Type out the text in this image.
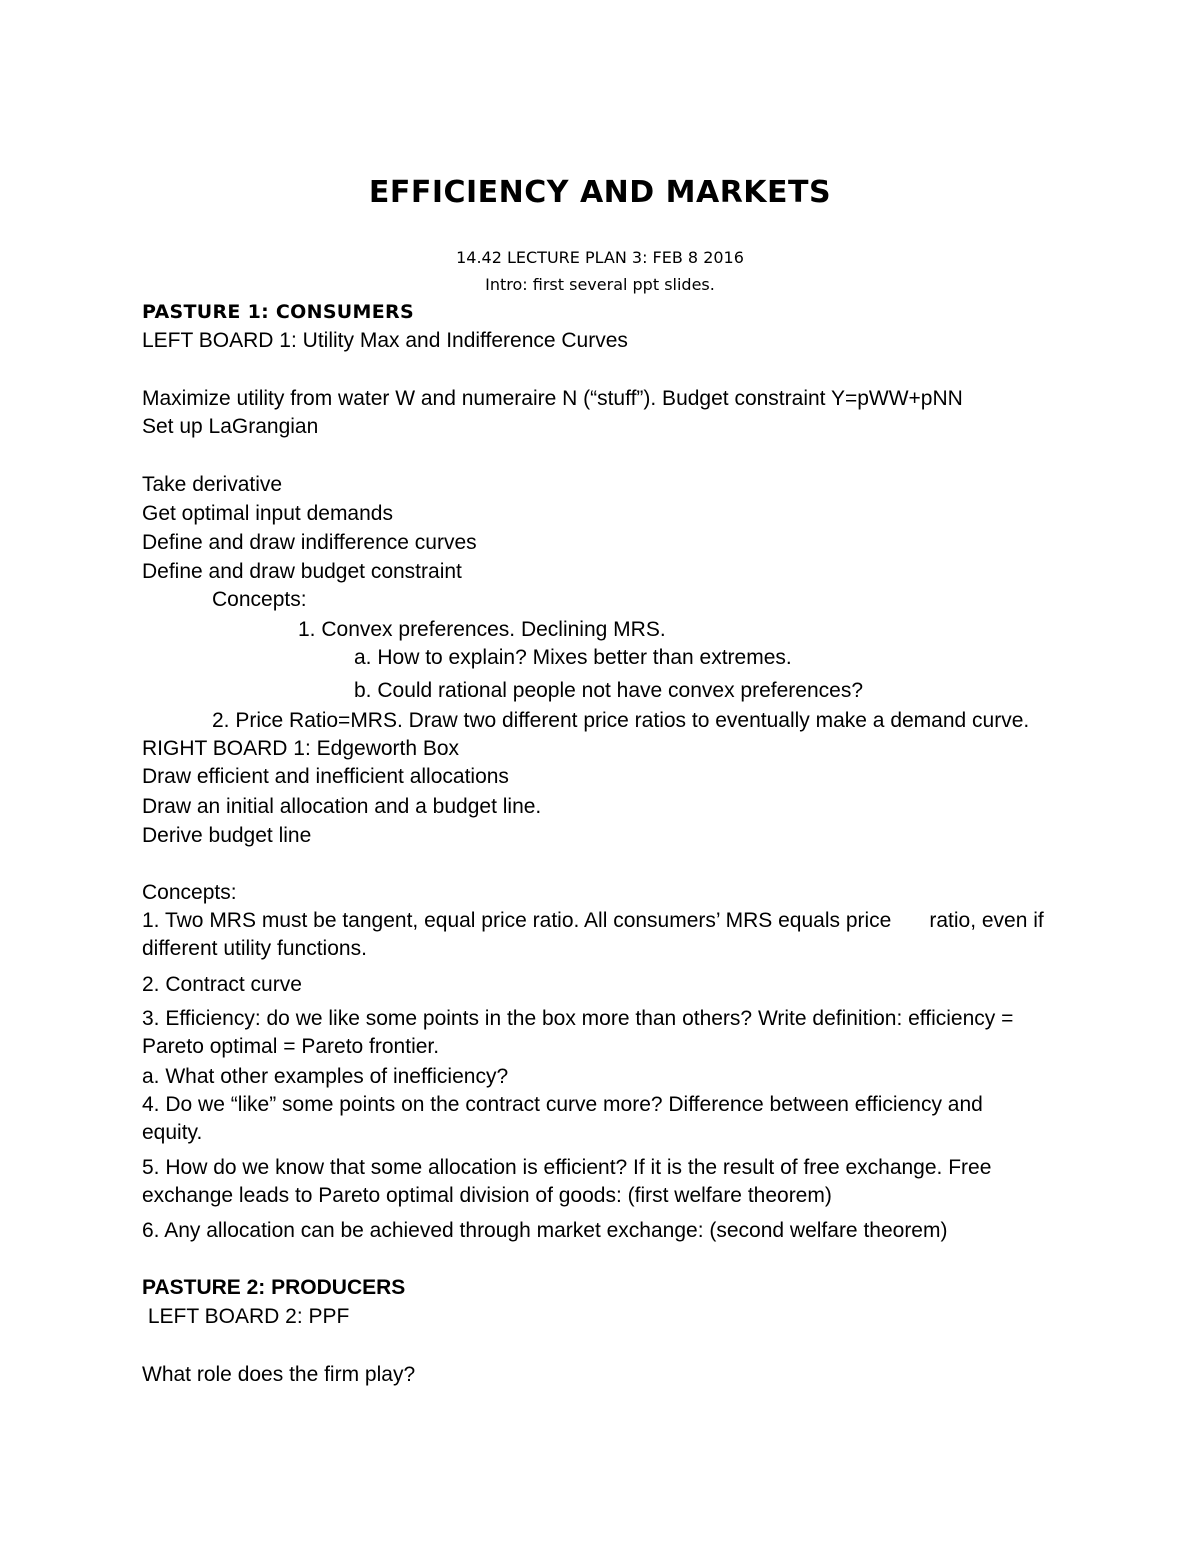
EFFICIENCY AND MARKETS
14.42 LECTURE PLAN 3: FEB 8 2016
Intro: first several ppt slides.
PASTURE 1: CONSUMERS
LEFT BOARD 1: Utility Max and Indifference Curves
Maximize utility from water W and numeraire N (“stuff”). Budget constraint Y=pWW+pNN
Set up LaGrangian
Take derivative
Get optimal input demands
Define and draw indifference curves
Define and draw budget constraint
Concepts:
1. Convex preferences. Declining MRS.
a. How to explain? Mixes better than extremes.
b. Could rational people not have convex preferences?
2. Price Ratio=MRS. Draw two different price ratios to eventually make a demand curve.
RIGHT BOARD 1: Edgeworth Box
Draw efficient and inefficient allocations
Draw an initial allocation and a budget line.
Derive budget line
Concepts:
1. Two MRS must be tangent, equal price ratio. All consumers’ MRS equals price ratio, even if
different utility functions.
2. Contract curve
3. Efficiency: do we like some points in the box more than others? Write definition: efficiency =
Pareto optimal = Pareto frontier.
a. What other examples of inefficiency?
4. Do we “like” some points on the contract curve more? Difference between efficiency and
equity.
5. How do we know that some allocation is efficient? If it is the result of free exchange. Free
exchange leads to Pareto optimal division of goods: (first welfare theorem)
6. Any allocation can be achieved through market exchange: (second welfare theorem)
PASTURE 2: PRODUCERS
LEFT BOARD 2: PPF
What role does the firm play?
